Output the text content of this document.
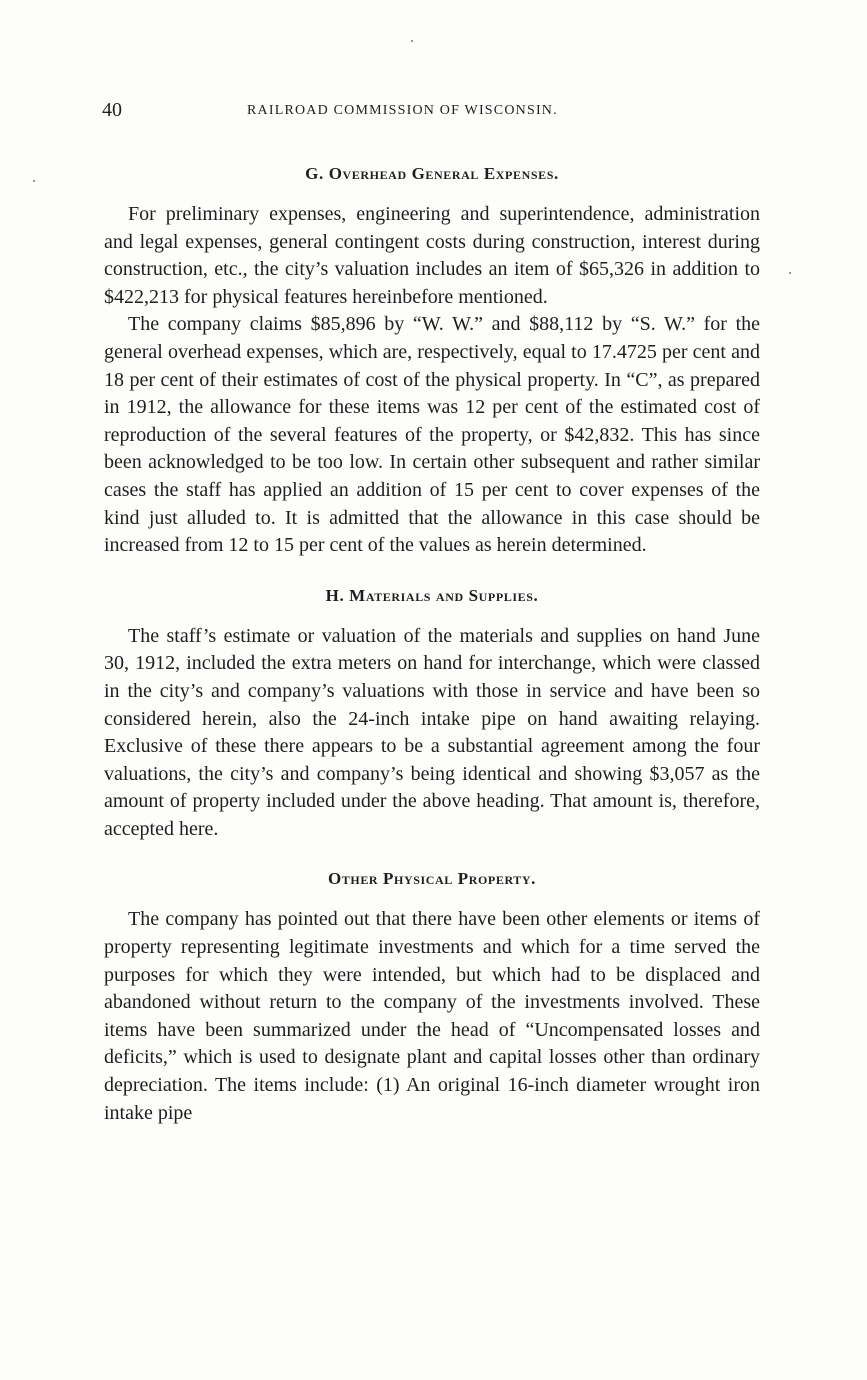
40	RAILROAD COMMISSION OF WISCONSIN.
G. Overhead General Expenses.

For preliminary expenses, engineering and superintendence, administration and legal expenses, general contingent costs during construction, interest during construction, etc., the city’s valuation includes an item of $65,326 in addition to $422,213 for physical features hereinbefore mentioned.

The company claims $85,896 by “W. W.” and $88,112 by “S. W.” for the general overhead expenses, which are, respectively, equal to 17.4725 per cent and 18 per cent of their estimates of cost of the physical property. In “C”, as prepared in 1912, the allowance for these items was 12 per cent of the estimated cost of reproduction of the several features of the property, or $42,832. This has since been acknowledged to be too low. In certain other subsequent and rather similar cases the staff has applied an addition of 15 per cent to cover expenses of the kind just alluded to. It is admitted that the allowance in this case should be increased from 12 to 15 per cent of the values as herein determined.

H. Materials and Supplies.

The staff’s estimate or valuation of the materials and supplies on hand June 30, 1912, included the extra meters on hand for interchange, which were classed in the city’s and company’s valuations with those in service and have been so considered herein, also the 24-inch intake pipe on hand awaiting relaying. Exclusive of these there appears to be a substantial agreement among the four valuations, the city’s and company’s being identical and showing $3,057 as the amount of property included under the above heading. That amount is, therefore, accepted here.

Other Physical Property.

The company has pointed out that there have been other elements or items of property representing legitimate investments and which for a time served the purposes for which they were intended, but which had to be displaced and abandoned without return to the company of the investments involved. These items have been summarized under the head of “Uncompensated losses and deficits,” which is used to designate plant and capital losses other than ordinary depreciation. The items include: (1) An original 16-inch diameter wrought iron intake pipe
